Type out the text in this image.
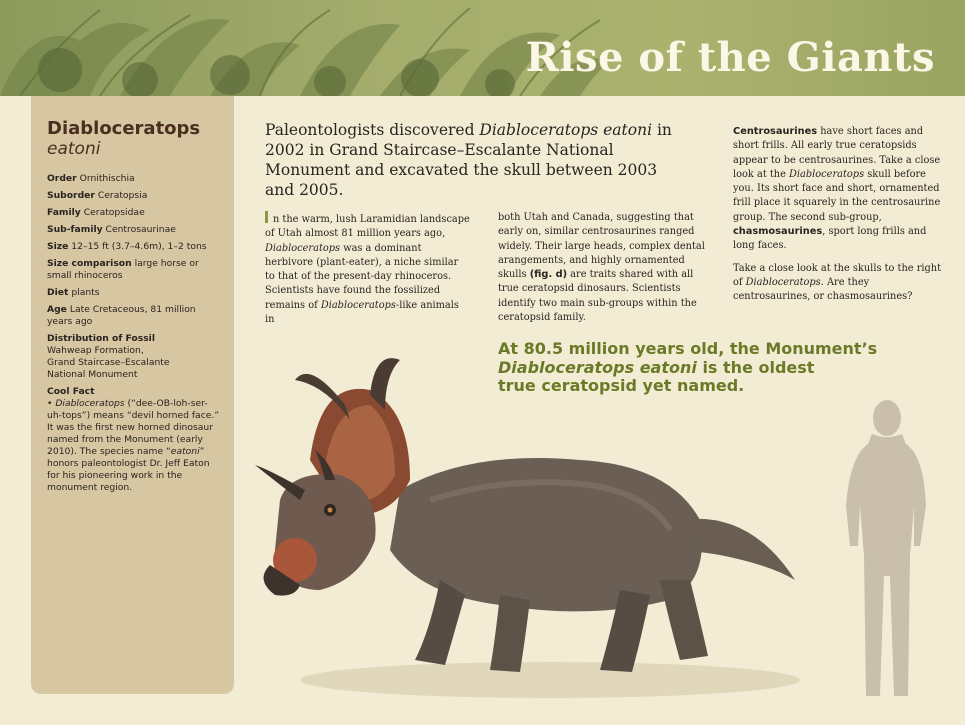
Rise of the Giants
Diabloceratops
eatoni
Order Ornithischia
Suborder Ceratopsia
Family Ceratopsidae
Sub-family Centrosaurinae
Size 12–15 ft (3.7–4.6m), 1–2 tons
Size comparison large horse or small rhinoceros
Diet plants
Age Late Cretaceous, 81 million years ago
Distribution of Fossil
Wahweap Formation,
Grand Staircase–Escalante
National Monument
Cool Fact
• Diabloceratops (“dee-OB-loh-ser-uh-tops”) means “devil horned face.” It was the first new horned dinosaur named from the Monument (early 2010). The species name “eatoni” honors paleontologist Dr. Jeff Eaton for his pioneering work in the monument region.
Paleontologists discovered Diabloceratops eatoni in 2002 in Grand Staircase–Escalante National Monument and excavated the skull between 2003 and 2005.
n the warm, lush Laramidian landscape of Utah almost 81 million years ago, Diabloceratops was a dominant herbivore (plant-eater), a niche similar to that of the present-day rhinoceros. Scientists have found the fossilized remains of Diabloceratops-like animals in
both Utah and Canada, suggesting that early on, similar centrosaurines ranged widely. Their large heads, complex dental arangements, and highly ornamented skulls (fig. d) are traits shared with all true ceratopsid dinosaurs. Scientists identify two main sub-groups within the ceratopsid family.

Centrosaurines have short faces and short frills. All early true ceratopsids appear to be centrosaurines. Take a close look at the Diabloceratops skull before you. Its short face and short, ornamented frill place it squarely in the centrosaurine group. The second sub-group, chasmosaurines, sport long frills and long faces.

Take a close look at the skulls to the right of Diabloceratops. Are they centrosaurines, or chasmosaurines?

At 80.5 million years old, the Monument’s
Diabloceratops eatoni is the oldest
true ceratopsid yet named.
